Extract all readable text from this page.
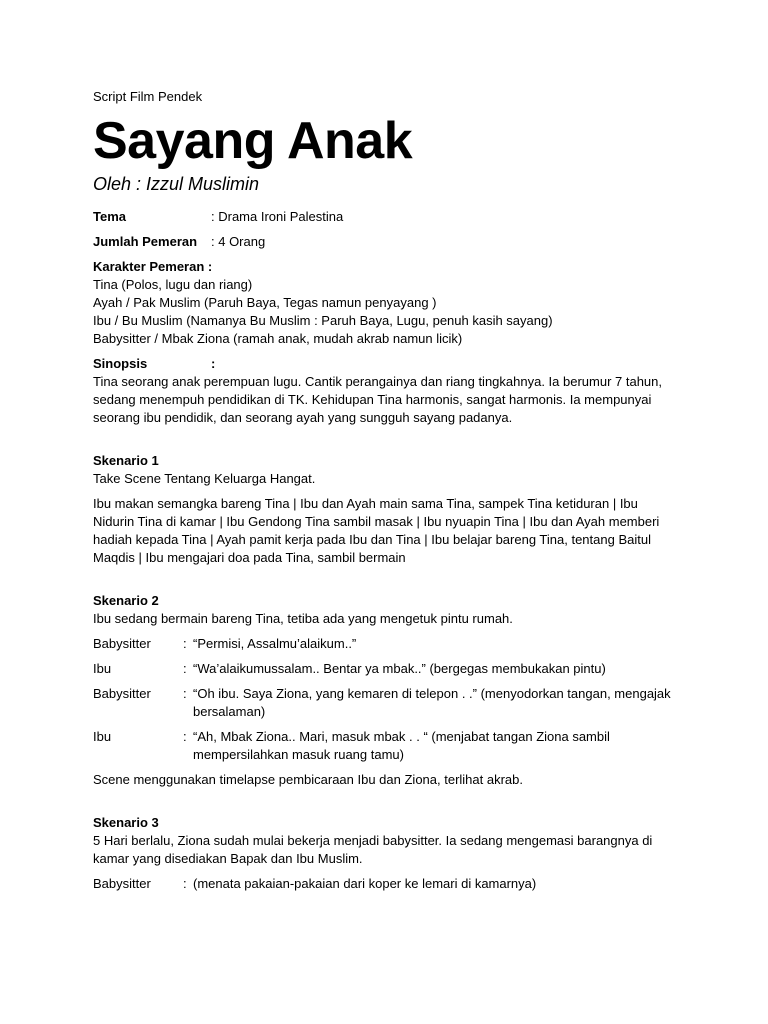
Script Film Pendek

Sayang Anak

Oleh : Izzul Muslimin

Tema	: Drama Ironi Palestina
Jumlah Pemeran	: 4 Orang
Karakter Pemeran :
Tina (Polos, lugu dan riang)
Ayah / Pak Muslim (Paruh Baya, Tegas namun penyayang )
Ibu / Bu Muslim (Namanya Bu Muslim : Paruh Baya, Lugu, penuh kasih sayang)
Babysitter / Mbak Ziona (ramah anak, mudah akrab namun licik)
Sinopsis	:
Tina seorang anak perempuan lugu. Cantik perangainya dan riang tingkahnya. Ia berumur 7 tahun, sedang menempuh pendidikan di TK. Kehidupan Tina harmonis, sangat harmonis. Ia mempunyai seorang ibu pendidik, dan seorang ayah yang sungguh sayang padanya.
Skenario 1
Take Scene Tentang Keluarga Hangat.

Ibu makan semangka bareng Tina | Ibu dan Ayah main sama Tina, sampek Tina ketiduran | Ibu Nidurin Tina di kamar | Ibu Gendong Tina sambil masak | Ibu nyuapin Tina | Ibu dan Ayah memberi hadiah kepada Tina | Ayah pamit kerja pada Ibu dan Tina | Ibu belajar bareng Tina, tentang Baitul Maqdis | Ibu mengajari doa pada Tina, sambil bermain

Skenario 2
Ibu sedang bermain bareng Tina, tetiba ada yang mengetuk pintu rumah.
Babysitter	: “Permisi, Assalmu’alaikum..”
Ibu	: “Wa’alaikumussalam.. Bentar ya mbak..” (bergegas membukakan pintu)
Babysitter	: “Oh ibu. Saya Ziona, yang kemaren di telepon . .” (menyodorkan tangan, mengajak bersalaman)
Ibu	: “Ah, Mbak Ziona.. Mari, masuk mbak . . “ (menjabat tangan Ziona sambil mempersilahkan masuk ruang tamu)

Scene menggunakan timelapse pembicaraan Ibu dan Ziona, terlihat akrab.

Skenario 3
5 Hari berlalu, Ziona sudah mulai bekerja menjadi babysitter. Ia sedang mengemasi barangnya di kamar yang disediakan Bapak dan Ibu Muslim.
Babysitter	: (menata pakaian-pakaian dari koper ke lemari di kamarnya)
